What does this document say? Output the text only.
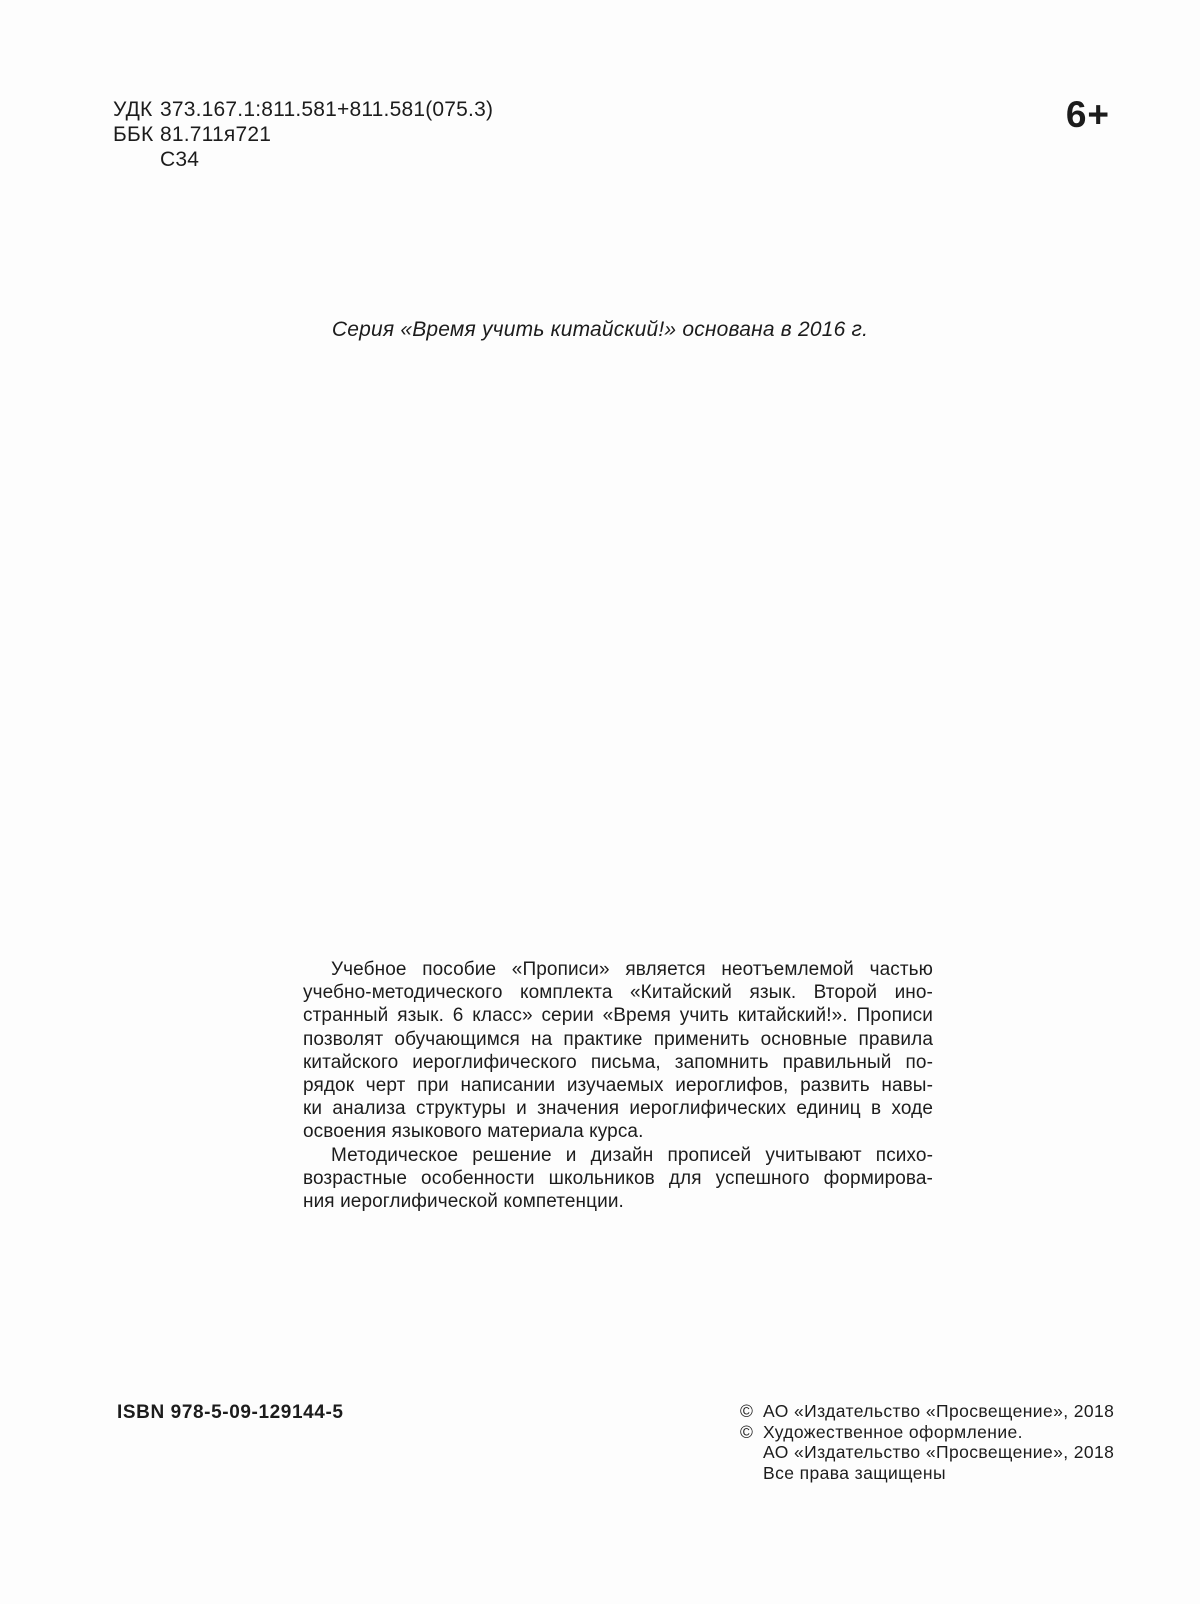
УДК 373.167.1:811.581+811.581(075.3)
ББК 81.711я721
С34
6+
Серия «Время учить китайский!» основана в 2016 г.
Учебное пособие «Прописи» является неотъемлемой частью
учебно-методического комплекта «Китайский язык. Второй ино-
странный язык. 6 класс» серии «Время учить китайский!». Прописи
позволят обучающимся на практике применить основные правила
китайского иероглифического письма, запомнить правильный по-
рядок черт при написании изучаемых иероглифов, развить навы-
ки анализа структуры и значения иероглифических единиц в ходе
освоения языкового материала курса.
Методическое решение и дизайн прописей учитывают психо-
возрастные особенности школьников для успешного формирова-
ния иероглифической компетенции.
ISBN 978-5-09-129144-5	© АО «Издательство «Просвещение», 2018
© Художественное оформление.
АО «Издательство «Просвещение», 2018
Все права защищены
